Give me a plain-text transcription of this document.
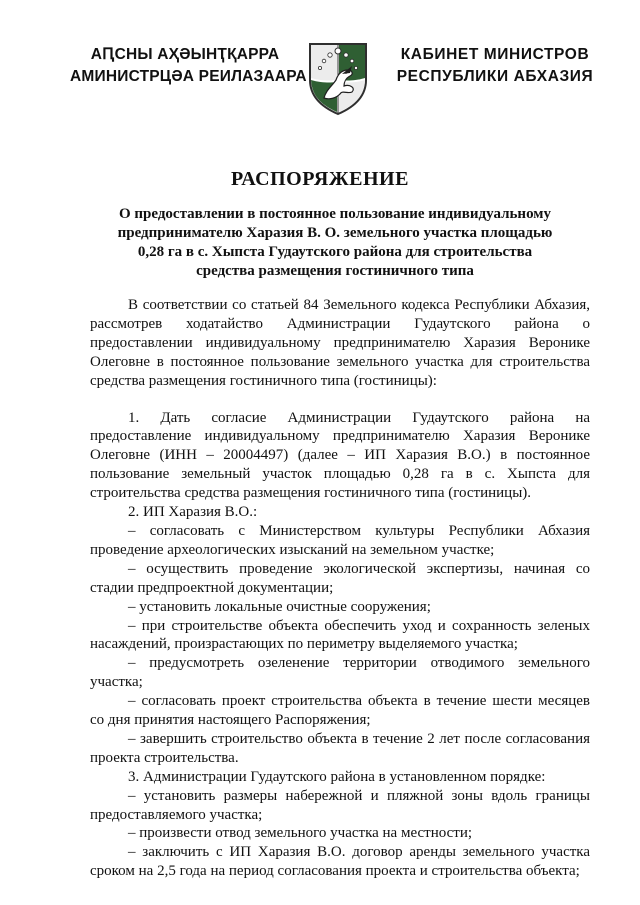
АԤСНЫ АҲӘЫНҬҚАРРА
АМИНИСТРЦӘА РЕИЛАЗААРА
КАБИНЕТ МИНИСТРОВ
РЕСПУБЛИКИ АБХАЗИЯ
РАСПОРЯЖЕНИЕ
О предоставлении в постоянное пользование индивидуальному
предпринимателю Харазия В. О. земельного участка площадью
0,28 га в с. Хыпста Гудаутского района для строительства
средства размещения гостиничного типа

В соответствии со статьей 84 Земельного кодекса Республики Абхазия, рассмотрев ходатайство Администрации Гудаутского района о предоставлении индивидуальному предпринимателю Харазия Веронике Олеговне в постоянное пользование земельного участка для строительства средства размещения гостиничного типа (гостиницы):

1. Дать согласие Администрации Гудаутского района на предоставление индивидуальному предпринимателю Харазия Веронике Олеговне (ИНН – 20004497) (далее – ИП Харазия В.О.) в постоянное пользование земельный участок площадью 0,28 га в с. Хыпста для строительства средства размещения гостиничного типа (гостиницы).

2. ИП Харазия В.О.:

– согласовать с Министерством культуры Республики Абхазия проведение археологических изысканий на земельном участке;

– осуществить проведение экологической экспертизы, начиная со стадии предпроектной документации;

– установить локальные очистные сооружения;

– при строительстве объекта обеспечить уход и сохранность зеленых насаждений, произрастающих по периметру выделяемого участка;

– предусмотреть озеленение территории отводимого земельного участка;

– согласовать проект строительства объекта в течение шести месяцев со дня принятия настоящего Распоряжения;

– завершить строительство объекта в течение 2 лет после согласования проекта строительства.

3. Администрации Гудаутского района в установленном порядке:

– установить размеры набережной и пляжной зоны вдоль границы предоставляемого участка;

– произвести отвод земельного участка на местности;

– заключить с ИП Харазия В.О. договор аренды земельного участка сроком на 2,5 года на период согласования проекта и строительства объекта;
